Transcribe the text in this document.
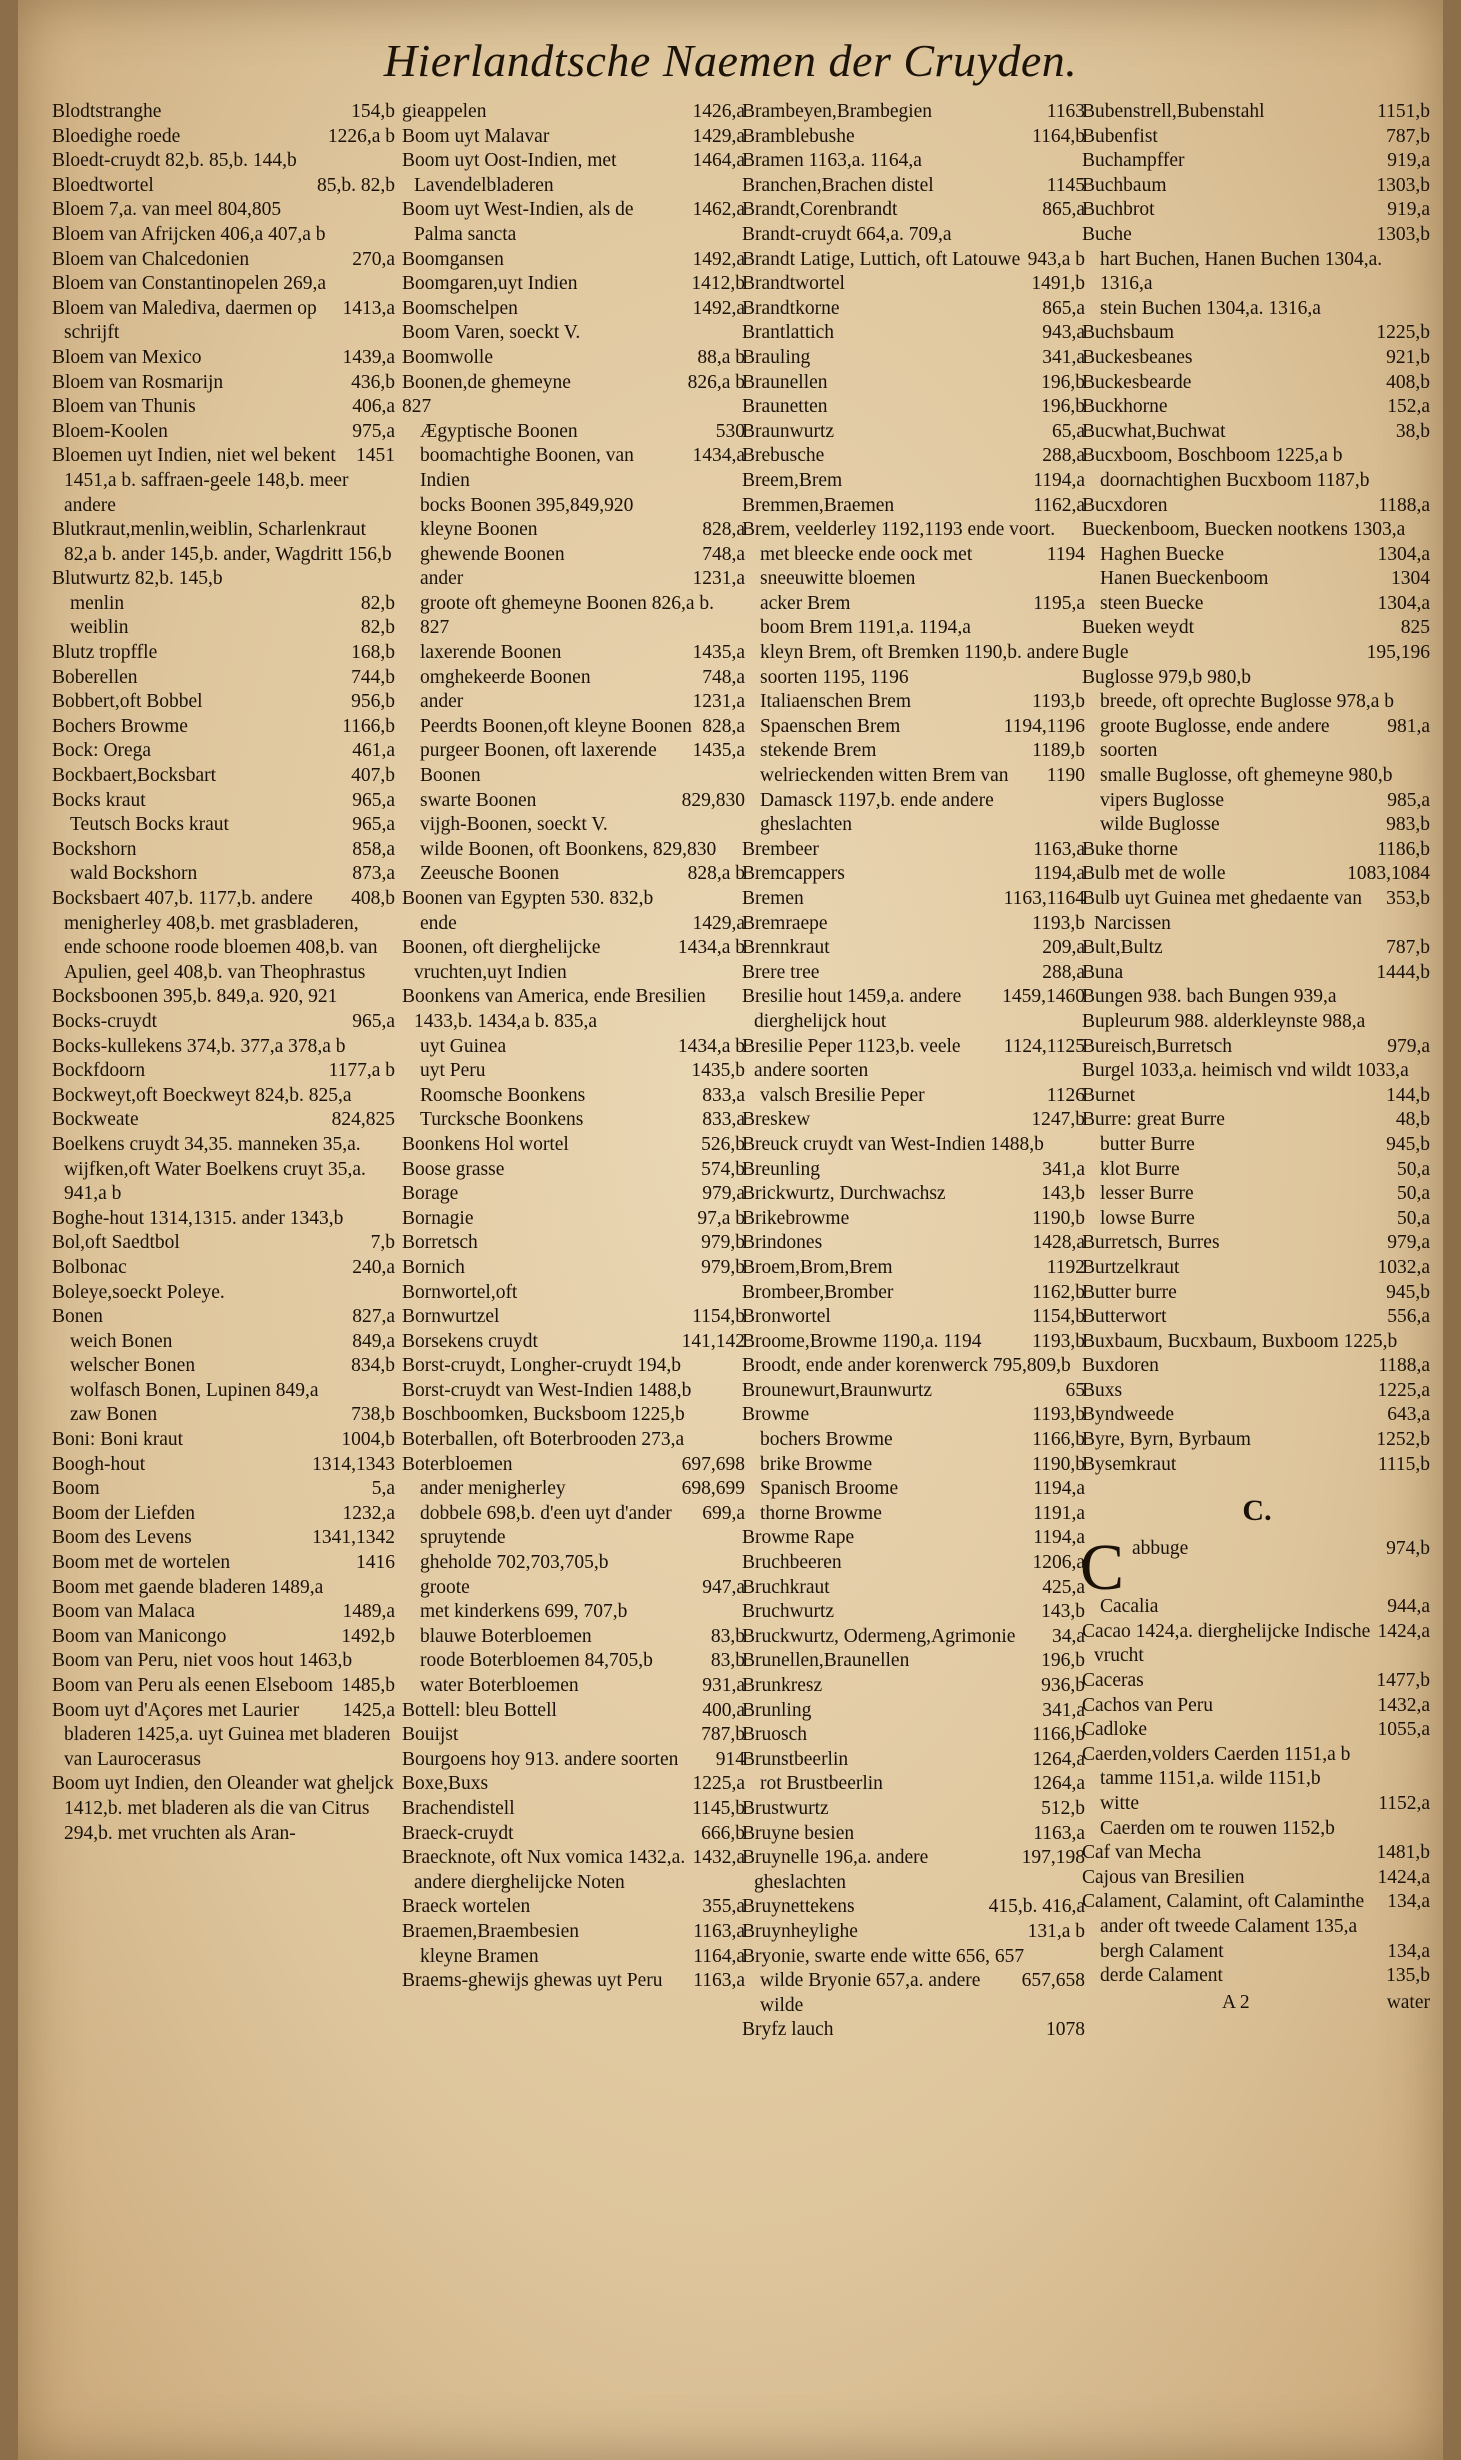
Hierlandtsche Naemen der Cruyden.
154,b
Blodtstranghe
1226,a b
Bloedighe roede
Bloedt-cruydt 82,b. 85,b. 144,b
85,b. 82,b
Bloedtwortel
Bloem 7,a. van meel 804,805
Bloem van Afrijcken 406,a 407,a b
270,a
Bloem van Chalcedonien
Bloem van Constantinopelen 269,a
1413,a
Bloem van Malediva, daermen op schrijft
1439,a
Bloem van Mexico
436,b
Bloem van Rosmarijn
406,a
Bloem van Thunis
975,a
Bloem-Koolen
1451
Bloemen uyt Indien, niet wel bekent 1451,a b. saffraen-geele 148,b. meer andere
Blutkraut,menlin,weiblin, Scharlenkraut 82,a b. ander 145,b. ander, Wagdritt 156,b
Blutwurtz 82,b. 145,b
82,b
menlin
82,b
weiblin
168,b
Blutz tropffle
744,b
Boberellen
956,b
Bobbert,oft Bobbel
1166,b
Bochers Browme
461,a
Bock: Orega
407,b
Bockbaert,Bocksbart
965,a
Bocks kraut
965,a
Teutsch Bocks kraut
858,a
Bockshorn
873,a
wald Bockshorn
408,b
Bocksbaert 407,b. 1177,b. andere menigherley 408,b. met grasbladeren, ende schoone roode bloemen 408,b. van Apulien, geel 408,b. van Theophrastus
Bocksboonen 395,b. 849,a. 920, 921
965,a
Bocks-cruydt
Bocks-kullekens 374,b. 377,a 378,a b
1177,a b
Bockfdoorn
Bockweyt,oft Boeckweyt 824,b. 825,a
824,825
Bockweate
Boelkens cruydt 34,35. manneken 35,a. wijfken,oft Water Boelkens cruyt 35,a. 941,a b
Boghe-hout 1314,1315. ander 1343,b
7,b
Bol,oft Saedtbol
240,a
Bolbonac
Boleye,soeckt Poleye.
827,a
Bonen
849,a
weich Bonen
834,b
welscher Bonen
wolfasch Bonen, Lupinen 849,a
738,b
zaw Bonen
1004,b
Boni: Boni kraut
1314,1343
Boogh-hout
5,a
Boom
1232,a
Boom der Liefden
1341,1342
Boom des Levens
1416
Boom met de wortelen
Boom met gaende bladeren 1489,a
1489,a
Boom van Malaca
1492,b
Boom van Manicongo
Boom van Peru, niet voos hout 1463,b
1485,b
Boom van Peru als eenen Elseboom
1425,a
Boom uyt d'Açores met Laurier bladeren 1425,a. uyt Guinea met bladeren van Laurocerasus
Boom uyt Indien, den Oleander wat gheljck 1412,b. met bladeren als die van Citrus 294,b. met vruchten als Aran-
1426,a
gieappelen
1429,a
Boom uyt Malavar
1464,a
Boom uyt Oost-Indien, met Lavendelbladeren
1462,a
Boom uyt West-Indien, als de Palma sancta
1492,a
Boomgansen
1412,b
Boomgaren,uyt Indien
1492,a
Boomschelpen
Boom Varen, soeckt V.
88,a b
Boomwolle
826,a b
Boonen,de ghemeyne
827
530
Ægyptische Boonen
1434,a
boomachtighe Boonen, van Indien
bocks Boonen 395,849,920
828,a
kleyne Boonen
748,a
ghewende Boonen
1231,a
ander
groote oft ghemeyne Boonen 826,a b. 827
1435,a
laxerende Boonen
748,a
omghekeerde Boonen
1231,a
ander
828,a
Peerdts Boonen,oft kleyne Boonen
1435,a
purgeer Boonen, oft laxerende Boonen
829,830
swarte Boonen
vijgh-Boonen, soeckt V.
wilde Boonen, oft Boonkens, 829,830
828,a b
Zeeusche Boonen
Boonen van Egypten 530. 832,b
1429,a
ende
1434,a b
Boonen, oft dierghelijcke vruchten,uyt Indien
Boonkens van America, ende Bresilien 1433,b. 1434,a b. 835,a
1434,a b
uyt Guinea
1435,b
uyt Peru
833,a
Roomsche Boonkens
833,a
Turcksche Boonkens
526,b
Boonkens Hol wortel
574,b
Boose grasse
979,a
Borage
97,a b
Bornagie
979,b
Borretsch
979,b
Bornich
Bornwortel,oft
1154,b
Bornwurtzel
141,142
Borsekens cruydt
Borst-cruydt, Longher-cruydt 194,b
Borst-cruydt van West-Indien 1488,b
Boschboomken, Bucksboom 1225,b
Boterballen, oft Boterbrooden 273,a
697,698
Boterbloemen
698,699
ander menigherley
699,a
dobbele 698,b. d'een uyt d'ander spruytende
gheholde 702,703,705,b
947,a
groote
met kinderkens 699, 707,b
83,b
blauwe Boterbloemen
83,b
roode Boterbloemen 84,705,b
931,a
water Boterbloemen
400,a
Bottell: bleu Bottell
787,b
Bouijst
914
Bourgoens hoy 913. andere soorten
1225,a
Boxe,Buxs
1145,b
Brachendistell
666,b
Braeck-cruydt
1432,a
Braecknote, oft Nux vomica 1432,a. andere dierghelijcke Noten
355,a
Braeck wortelen
1163,a
Braemen,Braembesien
1164,a
kleyne Bramen
1163,a
Braems-ghewijs ghewas uyt Peru
1163
Brambeyen,Brambegien
1164,b
Bramblebushe
Bramen 1163,a. 1164,a
1145
Branchen,Brachen distel
865,a
Brandt,Corenbrandt
Brandt-cruydt 664,a. 709,a
943,a b
Brandt Latige, Luttich, oft Latouwe
1491,b
Brandtwortel
865,a
Brandtkorne
943,a
Brantlattich
341,a
Brauling
196,b
Braunellen
196,b
Braunetten
65,a
Braunwurtz
288,a
Brebusche
1194,a
Breem,Brem
1162,a
Bremmen,Braemen
Brem, veelderley 1192,1193 ende voort.
1194
met bleecke ende oock met sneeuwitte bloemen
1195,a
acker Brem
boom Brem 1191,a. 1194,a
kleyn Brem, oft Bremken 1190,b. andere soorten 1195, 1196
1193,b
Italiaenschen Brem
1194,1196
Spaenschen Brem
1189,b
stekende Brem
1190
welrieckenden witten Brem van Damasck 1197,b. ende andere gheslachten
1163,a
Brembeer
1194,a
Bremcappers
1163,1164
Bremen
1193,b
Bremraepe
209,a
Brennkraut
288,a
Brere tree
1459,1460
Bresilie hout 1459,a. andere dierghelijck hout
1124,1125
Bresilie Peper 1123,b. veele andere soorten
1126
valsch Bresilie Peper
1247,b
Breskew
Breuck cruydt van West-Indien 1488,b
341,a
Breunling
143,b
Brickwurtz, Durchwachsz
1190,b
Brikebrowme
1428,a
Brindones
1192
Broem,Brom,Brem
1162,b
Brombeer,Bromber
1154,b
Bronwortel
1193,b
Broome,Browme 1190,a. 1194
Broodt, ende ander korenwerck 795,809,b
65
Brounewurt,Braunwurtz
1193,b
Browme
1166,b
bochers Browme
1190,b
brike Browme
1194,a
Spanisch Broome
1191,a
thorne Browme
1194,a
Browme Rape
1206,a
Bruchbeeren
425,a
Bruchkraut
143,b
Bruchwurtz
34,a
Bruckwurtz, Odermeng,Agrimonie
196,b
Brunellen,Braunellen
936,b
Brunkresz
341,a
Brunling
1166,b
Bruosch
1264,a
Brunstbeerlin
1264,a
rot Brustbeerlin
512,b
Brustwurtz
1163,a
Bruyne besien
197,198
Bruynelle 196,a. andere gheslachten
415,b. 416,a
Bruynettekens
131,a b
Bruynheylighe
Bryonie, swarte ende witte 656, 657
657,658
wilde Bryonie 657,a. andere wilde
1078
Bryfz lauch
1151,b
Bubenstrell,Bubenstahl
787,b
Bubenfist
919,a
Buchampffer
1303,b
Buchbaum
919,a
Buchbrot
1303,b
Buche
hart Buchen, Hanen Buchen 1304,a. 1316,a
stein Buchen 1304,a. 1316,a
1225,b
Buchsbaum
921,b
Buckesbeanes
408,b
Buckesbearde
152,a
Buckhorne
38,b
Bucwhat,Buchwat
Bucxboom, Boschboom 1225,a b
doornachtighen Bucxboom 1187,b
1188,a
Bucxdoren
Bueckenboom, Buecken nootkens 1303,a
1304,a
Haghen Buecke
1304
Hanen Bueckenboom
1304,a
steen Buecke
825
Bueken weydt
195,196
Bugle
Buglosse 979,b 980,b
breede, oft oprechte Buglosse 978,a b
981,a
groote Buglosse, ende andere soorten
smalle Buglosse, oft ghemeyne 980,b
985,a
vipers Buglosse
983,b
wilde Buglosse
1186,b
Buke thorne
1083,1084
Bulb met de wolle
353,b
Bulb uyt Guinea met ghedaente van Narcissen
787,b
Bult,Bultz
1444,b
Buna
Bungen 938. bach Bungen 939,a
Bupleurum 988. alderkleynste 988,a
979,a
Bureisch,Burretsch
Burgel 1033,a. heimisch vnd wildt 1033,a
144,b
Burnet
48,b
Burre: great Burre
945,b
butter Burre
50,a
klot Burre
50,a
lesser Burre
50,a
lowse Burre
979,a
Burretsch, Burres
1032,a
Burtzelkraut
945,b
Butter burre
556,a
Butterwort
Buxbaum, Bucxbaum, Buxboom 1225,b
1188,a
Buxdoren
1225,a
Buxs
643,a
Byndweede
1252,b
Byre, Byrn, Byrbaum
1115,b
Bysemkraut
C.
C	974,b
abbuge
944,a
Cacalia
1424,a
Cacao 1424,a. dierghelijcke Indische vrucht
1477,b
Caceras
1432,a
Cachos van Peru
1055,a
Cadloke
Caerden,volders Caerden 1151,a b
tamme 1151,a. wilde 1151,b
1152,a
witte
Caerden om te rouwen 1152,b
1481,b
Caf van Mecha
1424,a
Cajous van Bresilien
134,a
Calament, Calamint, oft Calaminthe
ander oft tweede Calament 135,a
134,a
bergh Calament
135,b
derde Calament
A 2	water
